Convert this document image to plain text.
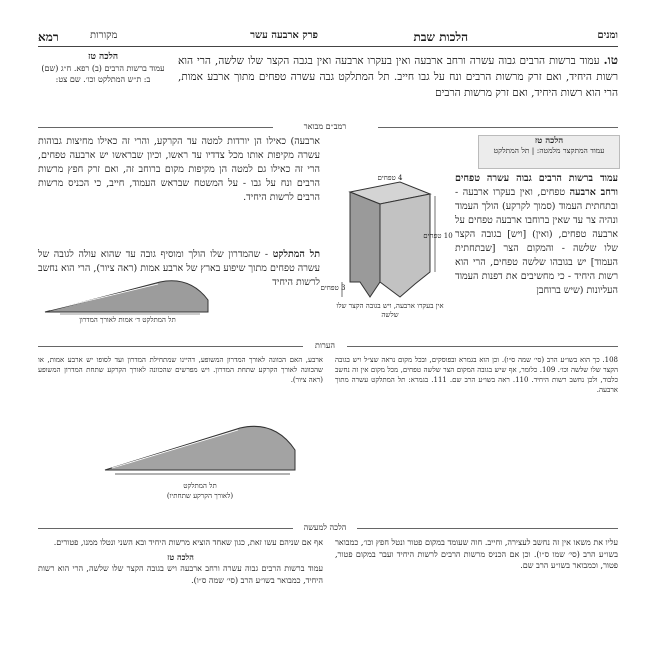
ומנים
הלכות שבת
פרק ארבעה עשר
מקורות
רמא
טו. עמוד ברשות הרבים גבוה עשרה ורחב ארבעה ואין בעקרו ארבעה ואין בגבה הקצר שלו שלשה, הרי הוא רשות היחיד, ואם זרק מרשות הרבים ונח על גבו חייב. תל המתלקט גבה עשרה טפחים מתוך ארבע אמות, הרי הוא רשות היחיד, ואם זרק מרשות הרבים
הלכה טז
עמוד ברשות הרבים (ב) רפא. ח״ג (שם) ב: ת״ש המתלקט וכו׳. שם צט:
רמב״ם מבואר
הלכה טז
עמוד המתקצר מלמטה: | תל המתלקט
4 טפחים
10 טפחים
3 טפחים
אין בעקרו ארבעה, ויש בגובה הקצר שלו שלשה
עמוד ברשות הרבים גבוה עשרה טפחים ורחב ארבעה טפחים, ואין בעקרו ארבעה - ובתחתית העמוד (סמוך לקרקע) הולך העמוד ונהיה צר עד שאין ברוחבו ארבעה טפחים על ארבעה טפחים, (ואין) [ויש] בגובה הקצר שלו שלשה - והמקום הצר [שבתחתית העמוד] יש בגובהו שלשה טפחים, הרי הוא רשות היחיד - כי מחשיבים את דפנות העמוד העליונות (שיש ברוחבן
ארבעה) כאילו הן יורדות למטה עד הקרקע, והרי זה כאילו מחיצות גבוהות עשרה מקיפות אותו מכל צדדיו עד ראשו, וכיון שבראשו יש ארבעה טפחים, הרי זה כאילו גם למטה הן מקיפות מקום ברוחב זה, ואם זרק חפץ מרשות הרבים ונח על גבו - על המשטח שבראש העמוד, חייב, כי הכניס מרשות הרבים לרשות היחיד.
תל המתלקט - שהמדרון שלו הולך ומוסיף גובה עד שהוא עולה לגובה של עשרה טפחים מתוך שיפוע בארץ של ארבע אמות (ראה ציור), הרי הוא נחשב לרשות היחיד
תל המתלקט ד׳ אמות לאורך המדרון
הערות
108. כך הוא בשו״ע הרב (סי׳ שמה ס״ו). וכן הוא בגמרא ובפוסקים, ובכל מקום נראה שצ״ל ויש בגובה הקצר שלו שלשה וכו׳. 109. כלומר, אף שיש בגובה המקום הצר שלשה טפחים, מכל מקום אין זה נחשב כלבוד, ולכן נחשב רשות היחיד. 110. ראה בשו״ע הרב שם. 111. בגמרא: תל המתלקט עשרה מתוך ארבעה.
ארבע, האם הכוונה לאורך המדרון המשופע, דהיינו שמתחילת המדרון ועד לסופו יש ארבע אמות, או שהכוונה לאורך הקרקע שתחת המדרון. ויש מפרשים שהכוונה לאורך הקרקע שתחת המדרון המשופע (ראה ציור).
תל המתלקט
(לאורך הקרקע שתחתיו)
הלכה למעשה
עליו את משאו אין זה נחשב לעצירה, וחייב. חוה שעומד במקום פטור ונטל חפץ וכו׳, כמבואר בשו״ע הרב (סי׳ שמו ס״ו). וכן אם הכניס מרשות הרבים לרשות היחיד ועבר במקום פטור, פטור, וכמבואר בשו״ע הרב שם.
אף אם שניהם עשו זאת, כגון שאחד הוציא מרשות היחיד ובא השני ונטלו ממנו, פטורים.
הלכה טז
עמוד ברשות הרבים גבוה עשרה ורחב ארבעה ויש בגובה הקצר שלו שלשה, הרי הוא רשות היחיד, כמבואר בשו״ע הרב (סי׳ שמה ס״ו).
